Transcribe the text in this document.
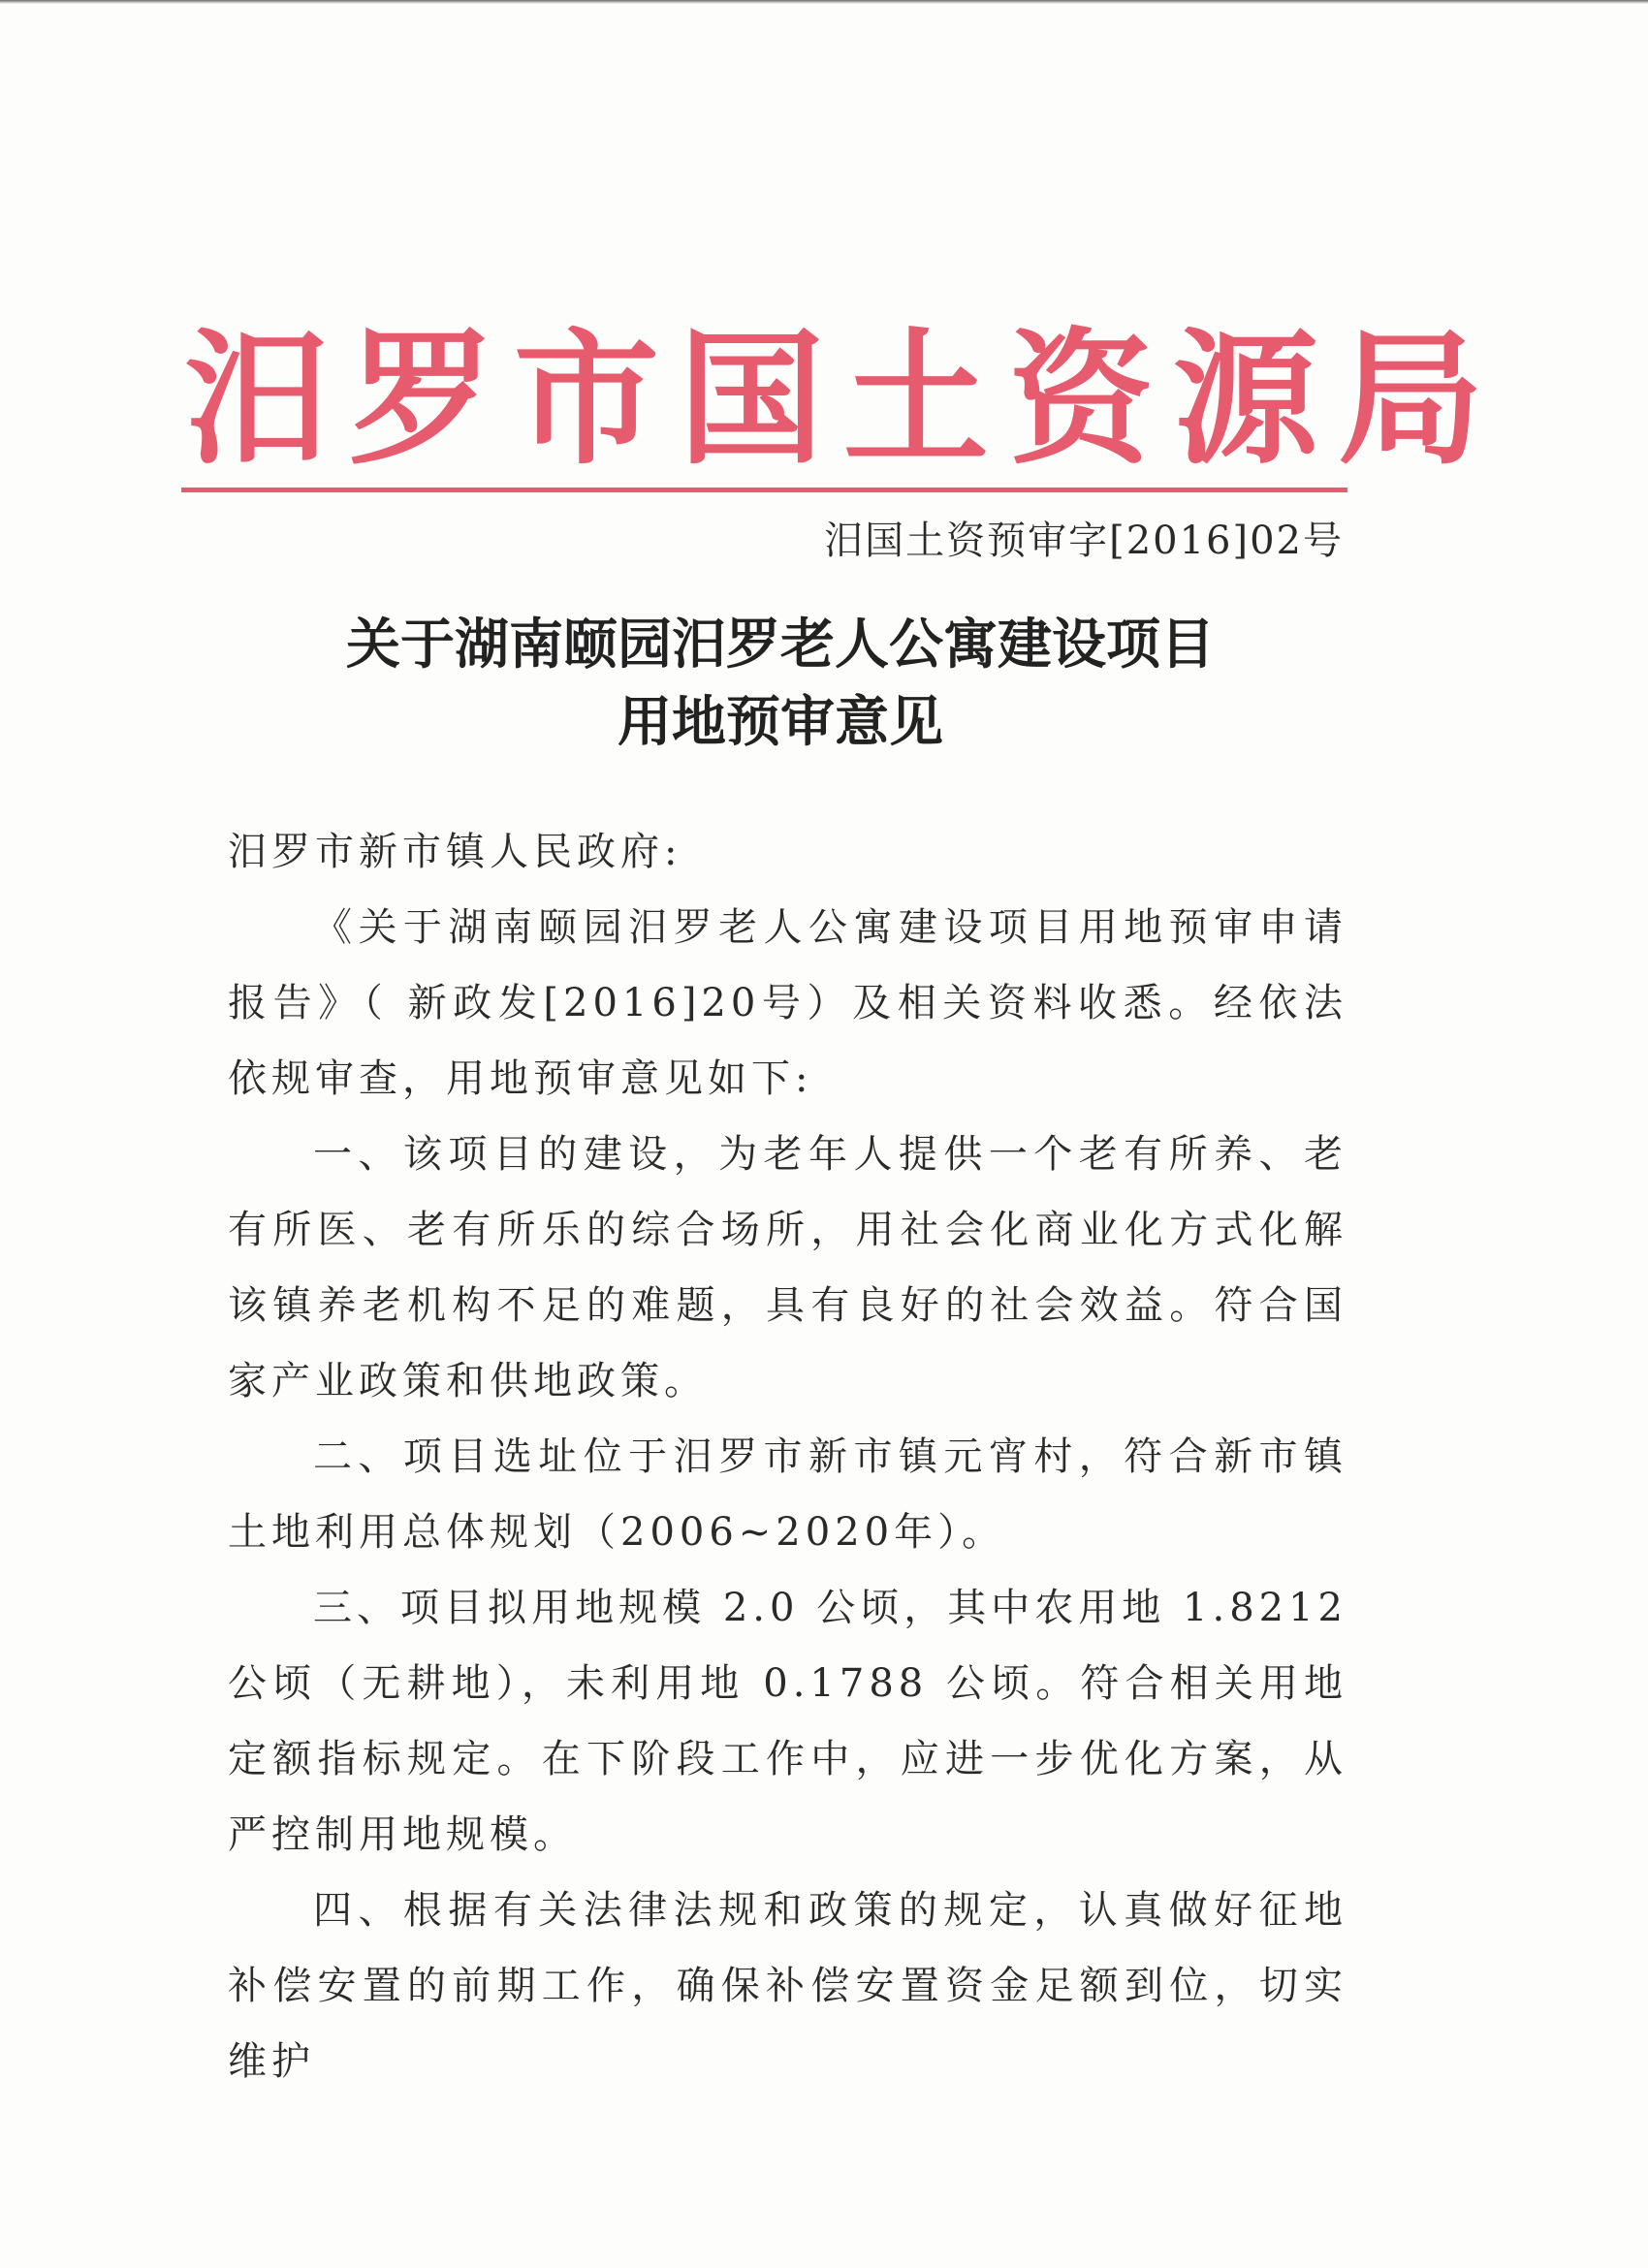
汨罗市国土资源局
汨国土资预审字[2016]02号
关于湖南颐园汨罗老人公寓建设项目
用地预审意见

汨罗市新市镇人民政府:

《关于湖南颐园汨罗老人公寓建设项目用地预审申请报告》（ 新政发[2016]20号）及相关资料收悉。经依法依规审查，用地预审意见如下:

一、该项目的建设，为老年人提供一个老有所养、老有所医、老有所乐的综合场所，用社会化商业化方式化解该镇养老机构不足的难题，具有良好的社会效益。符合国家产业政策和供地政策。

二、项目选址位于汨罗市新市镇元宵村，符合新市镇土地利用总体规划（2006~2020年）。

三、项目拟用地规模 2.0 公顷，其中农用地 1.8212 公顷（无耕地），未利用地 0.1788 公顷。符合相关用地定额指标规定。在下阶段工作中，应进一步优化方案，从严控制用地规模。

四、根据有关法律法规和政策的规定，认真做好征地补偿安置的前期工作，确保补偿安置资金足额到位，切实维护
